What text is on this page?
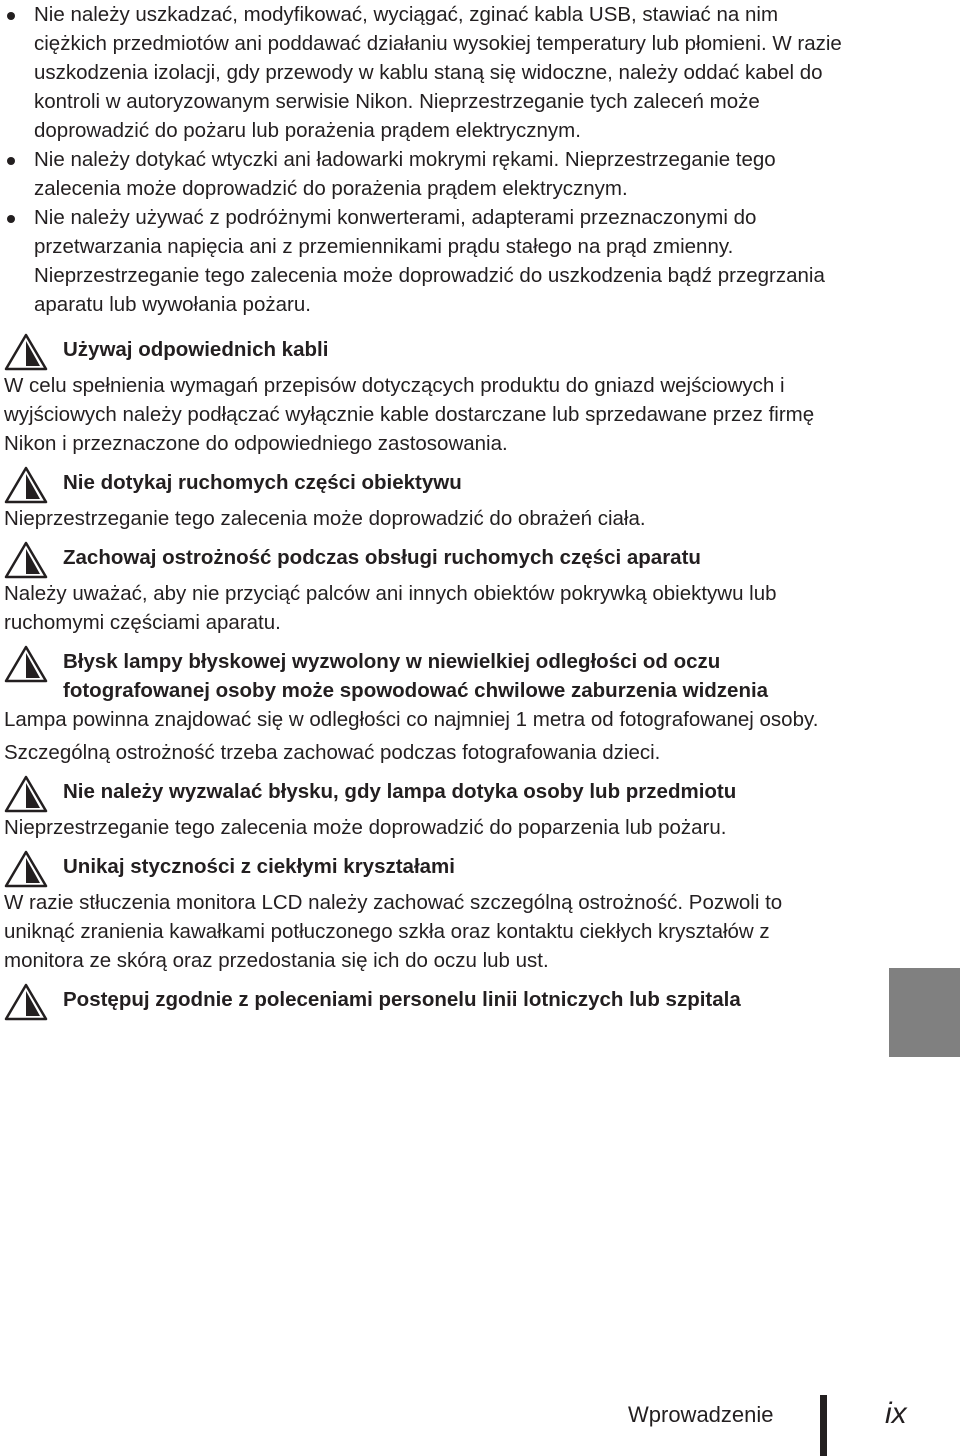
Nie należy uszkadzać, modyfikować, wyciągać, zginać kabla USB, stawiać na nim ciężkich przedmiotów ani poddawać działaniu wysokiej temperatury lub płomieni. W razie uszkodzenia izolacji, gdy przewody w kablu staną się widoczne, należy oddać kabel do kontroli w autoryzowanym serwisie Nikon. Nieprzestrzeganie tych zaleceń może doprowadzić do pożaru lub porażenia prądem elektrycznym.
Nie należy dotykać wtyczki ani ładowarki mokrymi rękami. Nieprzestrzeganie tego zalecenia może doprowadzić do porażenia prądem elektrycznym.
Nie należy używać z podróżnymi konwerterami, adapterami przeznaczonymi do przetwarzania napięcia ani z przemiennikami prądu stałego na prąd zmienny. Nieprzestrzeganie tego zalecenia może doprowadzić do uszkodzenia bądź przegrzania aparatu lub wywołania pożaru.
Używaj odpowiednich kabli

W celu spełnienia wymagań przepisów dotyczących produktu do gniazd wejściowych i wyjściowych należy podłączać wyłącznie kable dostarczane lub sprzedawane przez firmę Nikon i przeznaczone do odpowiedniego zastosowania.

Nie dotykaj ruchomych części obiektywu

Nieprzestrzeganie tego zalecenia może doprowadzić do obrażeń ciała.

Zachowaj ostrożność podczas obsługi ruchomych części aparatu

Należy uważać, aby nie przyciąć palców ani innych obiektów pokrywką obiektywu lub ruchomymi częściami aparatu.

Błysk lampy błyskowej wyzwolony w niewielkiej odległości od oczu fotografowanej osoby może spowodować chwilowe zaburzenia widzenia

Lampa powinna znajdować się w odległości co najmniej 1 metra od fotografowanej osoby.

Szczególną ostrożność trzeba zachować podczas fotografowania dzieci.

Nie należy wyzwalać błysku, gdy lampa dotyka osoby lub przedmiotu

Nieprzestrzeganie tego zalecenia może doprowadzić do poparzenia lub pożaru.

Unikaj styczności z ciekłymi kryształami

W razie stłuczenia monitora LCD należy zachować szczególną ostrożność. Pozwoli to uniknąć zranienia kawałkami potłuczonego szkła oraz kontaktu ciekłych kryształów z monitora ze skórą oraz przedostania się ich do oczu lub ust.

Postępuj zgodnie z poleceniami personelu linii lotniczych lub szpitala
Wprowadzenie	ix
